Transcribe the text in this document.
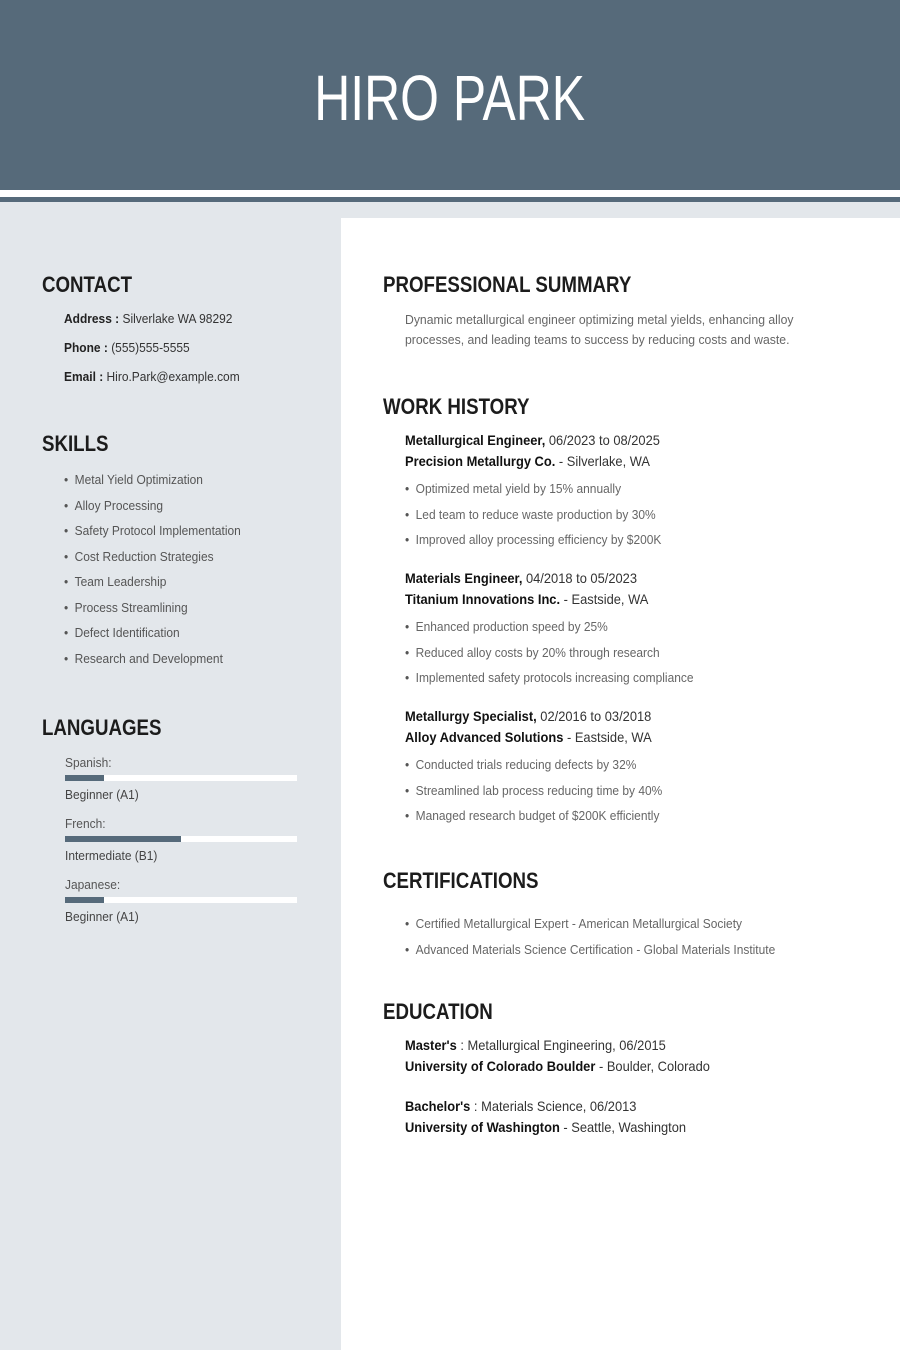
HIRO PARK
CONTACT
Address : Silverlake WA 98292
Phone : (555)555-5555
Email : Hiro.Park@example.com
SKILLS
• Metal Yield Optimization
• Alloy Processing
• Safety Protocol Implementation
• Cost Reduction Strategies
• Team Leadership
• Process Streamlining
• Defect Identification
• Research and Development
LANGUAGES
Spanish:
Beginner (A1)
French:
Intermediate (B1)
Japanese:
Beginner (A1)
PROFESSIONAL SUMMARY
Dynamic metallurgical engineer optimizing metal yields, enhancing alloy processes, and leading teams to success by reducing costs and waste.
WORK HISTORY
Metallurgical Engineer, 06/2023 to 08/2025
Precision Metallurgy Co. - Silverlake, WA
• Optimized metal yield by 15% annually
• Led team to reduce waste production by 30%
• Improved alloy processing efficiency by $200K
Materials Engineer, 04/2018 to 05/2023
Titanium Innovations Inc. - Eastside, WA
• Enhanced production speed by 25%
• Reduced alloy costs by 20% through research
• Implemented safety protocols increasing compliance
Metallurgy Specialist, 02/2016 to 03/2018
Alloy Advanced Solutions - Eastside, WA
• Conducted trials reducing defects by 32%
• Streamlined lab process reducing time by 40%
• Managed research budget of $200K efficiently
CERTIFICATIONS
• Certified Metallurgical Expert - American Metallurgical Society
• Advanced Materials Science Certification - Global Materials Institute
EDUCATION
Master's : Metallurgical Engineering, 06/2015
University of Colorado Boulder - Boulder, Colorado
Bachelor's : Materials Science, 06/2013
University of Washington - Seattle, Washington
